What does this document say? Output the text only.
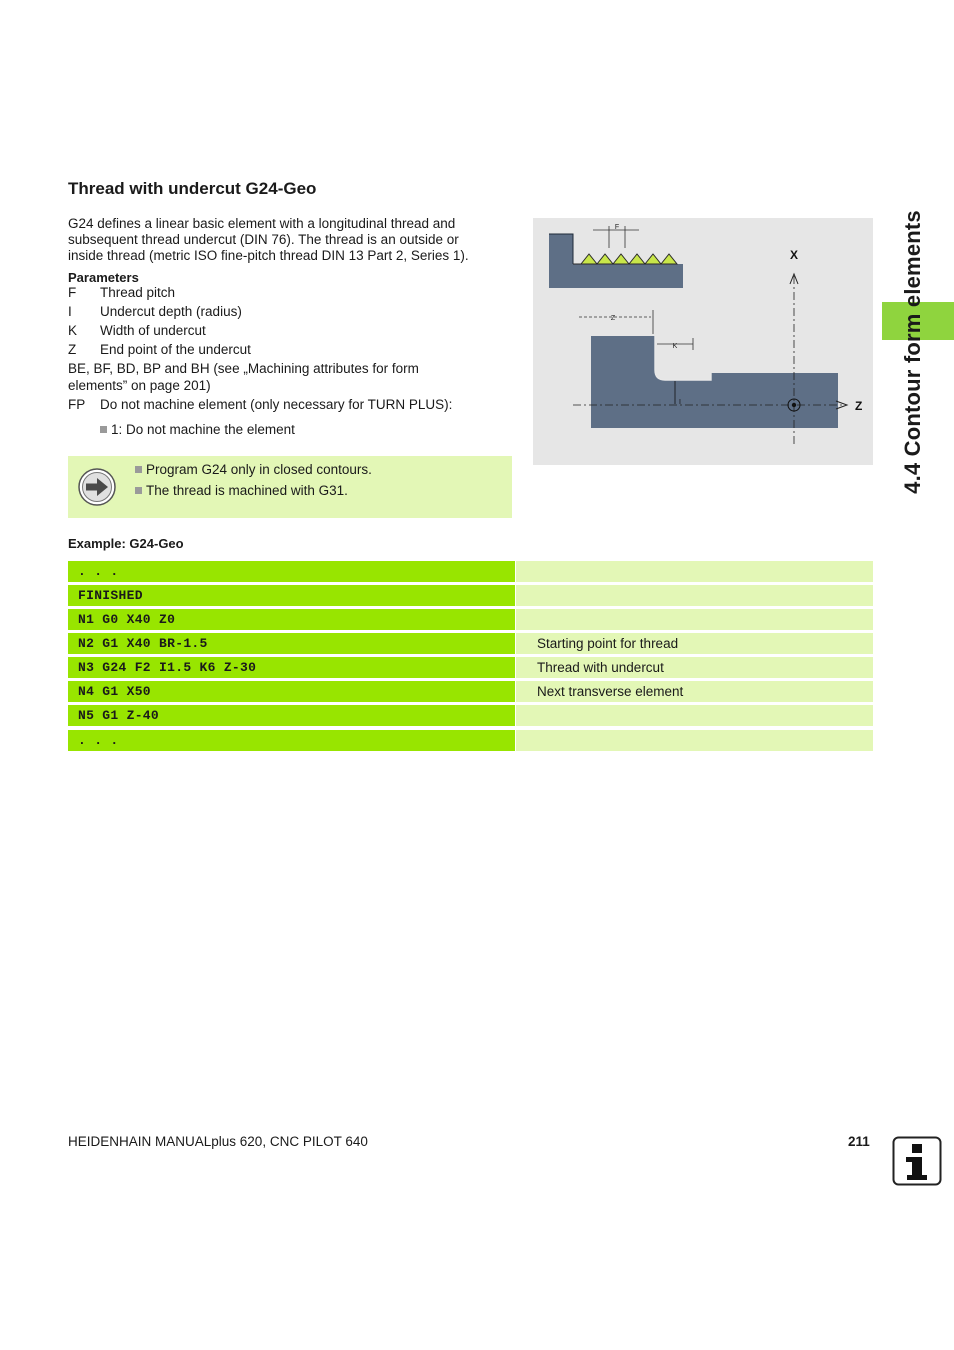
4.4 Contour form elements
Thread with undercut G24-Geo
G24 defines a linear basic element with a longitudinal thread and
subsequent thread undercut (DIN 76). The thread is an outside or
inside thread (metric ISO fine-pitch thread DIN 13 Part 2, Series 1).
Parameters
F Thread pitch
I Undercut depth (radius)
K Width of undercut
Z End point of the undercut
BE, BF, BD, BP and BH (see „Machining attributes for form
elements” on page 201)
FP Do not machine element (only necessary for TURN PLUS):
1: Do not machine the element
Program G24 only in closed contours.
The thread is machined with G31.
F
Z
K
I	Z
X
Example: G24-Geo
. . .
FINISHED
N1 G0 X40 Z0
N2 G1 X40 BR-1.5	Starting point for thread
N3 G24 F2 I1.5 K6 Z-30	Thread with undercut
N4 G1 X50	Next transverse element
N5 G1 Z-40
. . .
HEIDENHAIN MANUALplus 620, CNC PILOT 640	211
